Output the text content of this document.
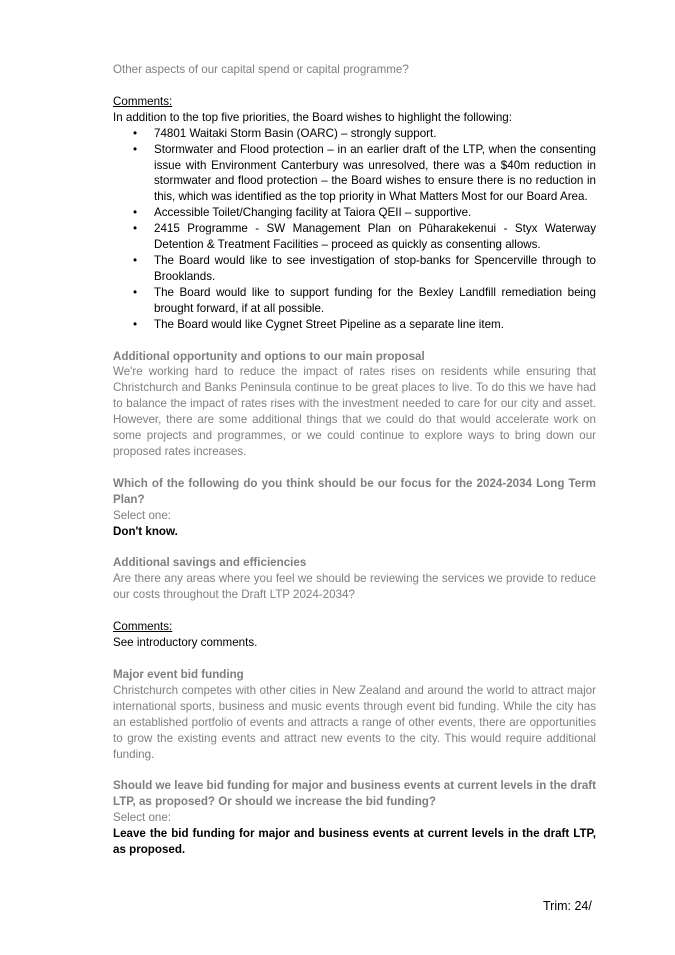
Other aspects of our capital spend or capital programme?

Comments:

In addition to the top five priorities, the Board wishes to highlight the following:

• 74801 Waitaki Storm Basin (OARC) – strongly support.
• Stormwater and Flood protection – in an earlier draft of the LTP, when the consenting issue with Environment Canterbury was unresolved, there was a $40m reduction in stormwater and flood protection – the Board wishes to ensure there is no reduction in this, which was identified as the top priority in What Matters Most for our Board Area.
• Accessible Toilet/Changing facility at Taiora QEII – supportive.
• 2415 Programme - SW Management Plan on Pūharakekenui - Styx Waterway Detention & Treatment Facilities – proceed as quickly as consenting allows.
• The Board would like to see investigation of stop-banks for Spencerville through to Brooklands.
• The Board would like to support funding for the Bexley Landfill remediation being brought forward, if at all possible.
• The Board would like Cygnet Street Pipeline as a separate line item.

Additional opportunity and options to our main proposal

We're working hard to reduce the impact of rates rises on residents while ensuring that Christchurch and Banks Peninsula continue to be great places to live. To do this we have had to balance the impact of rates rises with the investment needed to care for our city and asset. However, there are some additional things that we could do that would accelerate work on some projects and programmes, or we could continue to explore ways to bring down our proposed rates increases.

Which of the following do you think should be our focus for the 2024-2034 Long Term Plan?

Select one:

Don't know.

Additional savings and efficiencies

Are there any areas where you feel we should be reviewing the services we provide to reduce our costs throughout the Draft LTP 2024-2034?

Comments:

See introductory comments.

Major event bid funding

Christchurch competes with other cities in New Zealand and around the world to attract major international sports, business and music events through event bid funding. While the city has an established portfolio of events and attracts a range of other events, there are opportunities to grow the existing events and attract new events to the city. This would require additional funding.

Should we leave bid funding for major and business events at current levels in the draft LTP, as proposed? Or should we increase the bid funding?

Select one:

Leave the bid funding for major and business events at current levels in the draft LTP, as proposed.

Trim: 24/
